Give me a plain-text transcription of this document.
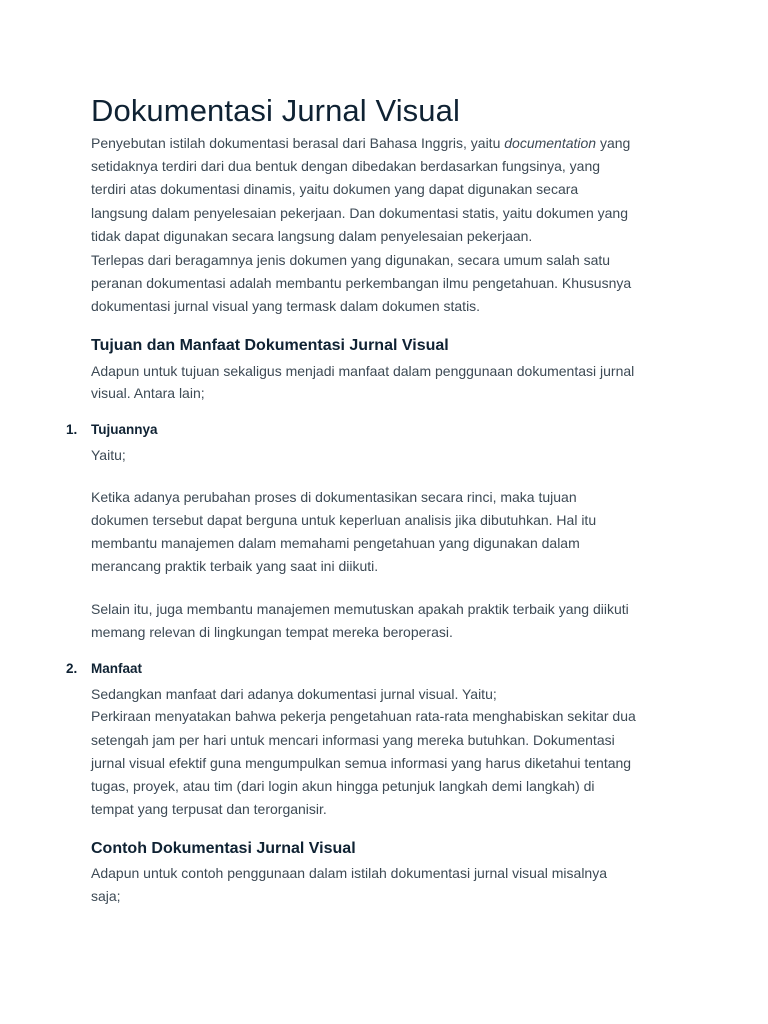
Dokumentasi Jurnal Visual
Penyebutan istilah dokumentasi berasal dari Bahasa Inggris, yaitu documentation yang
setidaknya terdiri dari dua bentuk dengan dibedakan berdasarkan fungsinya, yang
terdiri atas dokumentasi dinamis, yaitu dokumen yang dapat digunakan secara
langsung dalam penyelesaian pekerjaan. Dan dokumentasi statis, yaitu dokumen yang
tidak dapat digunakan secara langsung dalam penyelesaian pekerjaan.
Terlepas dari beragamnya jenis dokumen yang digunakan, secara umum salah satu
peranan dokumentasi adalah membantu perkembangan ilmu pengetahuan. Khususnya
dokumentasi jurnal visual yang termask dalam dokumen statis.
Tujuan dan Manfaat Dokumentasi Jurnal Visual
Adapun untuk tujuan sekaligus menjadi manfaat dalam penggunaan dokumentasi jurnal
visual. Antara lain;
1. Tujuannya
Yaitu;
Ketika adanya perubahan proses di dokumentasikan secara rinci, maka tujuan
dokumen tersebut dapat berguna untuk keperluan analisis jika dibutuhkan. Hal itu
membantu manajemen dalam memahami pengetahuan yang digunakan dalam
merancang praktik terbaik yang saat ini diikuti.
Selain itu, juga membantu manajemen memutuskan apakah praktik terbaik yang diikuti
memang relevan di lingkungan tempat mereka beroperasi.
2. Manfaat
Sedangkan manfaat dari adanya dokumentasi jurnal visual. Yaitu;
Perkiraan menyatakan bahwa pekerja pengetahuan rata-rata menghabiskan sekitar dua
setengah jam per hari untuk mencari informasi yang mereka butuhkan. Dokumentasi
jurnal visual efektif guna mengumpulkan semua informasi yang harus diketahui tentang
tugas, proyek, atau tim (dari login akun hingga petunjuk langkah demi langkah) di
tempat yang terpusat dan terorganisir.
Contoh Dokumentasi Jurnal Visual
Adapun untuk contoh penggunaan dalam istilah dokumentasi jurnal visual misalnya
saja;
